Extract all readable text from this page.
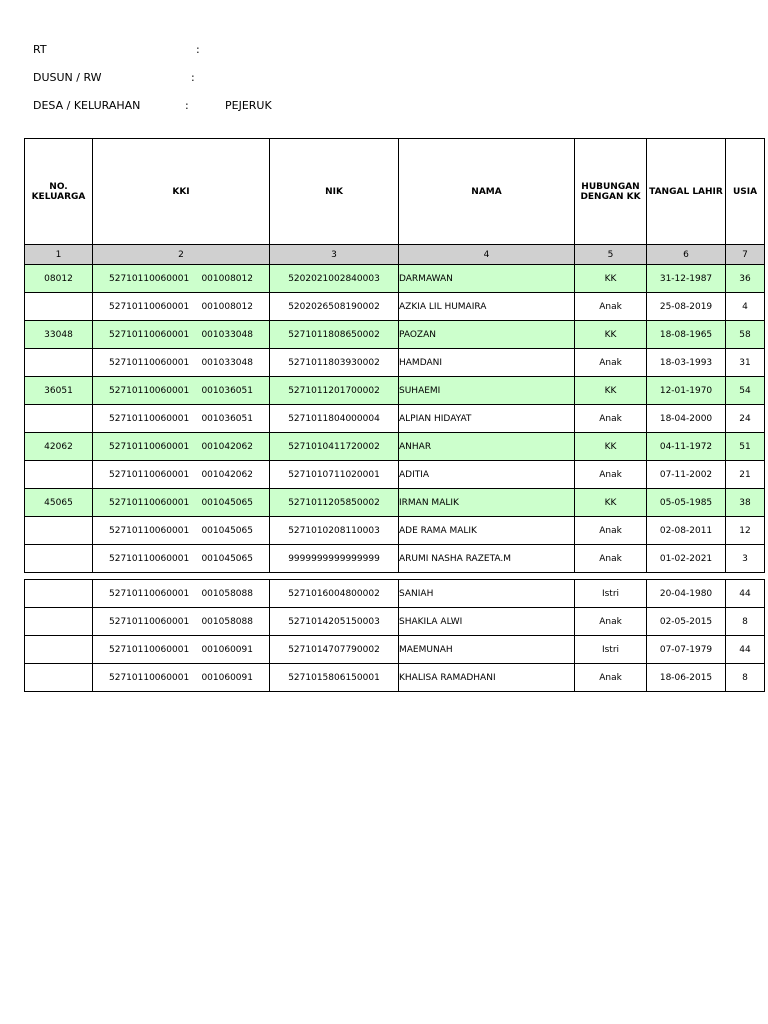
RT	:
DUSUN / RW	:
DESA / KELURAHAN	:	PEJERUK
NO. KELUARGA	KKI	NIK	NAMA	HUBUNGAN DENGAN KK	TANGAL LAHIR	USIA
1	2	3	4	5	6	7
08012	52710110060001 001008012	5202021002840003	DARMAWAN	KK	31-12-1987	36

	52710110060001 001008012	5202026508190002	AZKIA LIL HUMAIRA	Anak	25-08-2019	4
33048	52710110060001 001033048	5271011808650002	PAOZAN	KK	18-08-1965	58

	52710110060001 001033048	5271011803930002	HAMDANI	Anak	18-03-1993	31
36051	52710110060001 001036051	5271011201700002	SUHAEMI	KK	12-01-1970	54

	52710110060001 001036051	5271011804000004	ALPIAN HIDAYAT	Anak	18-04-2000	24
42062	52710110060001 001042062	5271010411720002	ANHAR	KK	04-11-1972	51

	52710110060001 001042062	5271010711020001	ADITIA	Anak	07-11-2002	21
45065	52710110060001 001045065	5271011205850002	IRMAN MALIK	KK	05-05-1985	38

	52710110060001 001045065	5271010208110003	ADE RAMA MALIK	Anak	02-08-2011	12

	52710110060001 001045065	9999999999999999	ARUMI NASHA RAZETA.M	Anak	01-02-2021	3

	52710110060001 001058088	5271016004800002	SANIAH	Istri	20-04-1980	44

	52710110060001 001058088	5271014205150003	SHAKILA ALWI	Anak	02-05-2015	8

	52710110060001 001060091	5271014707790002	MAEMUNAH	Istri	07-07-1979	44

	52710110060001 001060091	5271015806150001	KHALISA RAMADHANI	Anak	18-06-2015	8
